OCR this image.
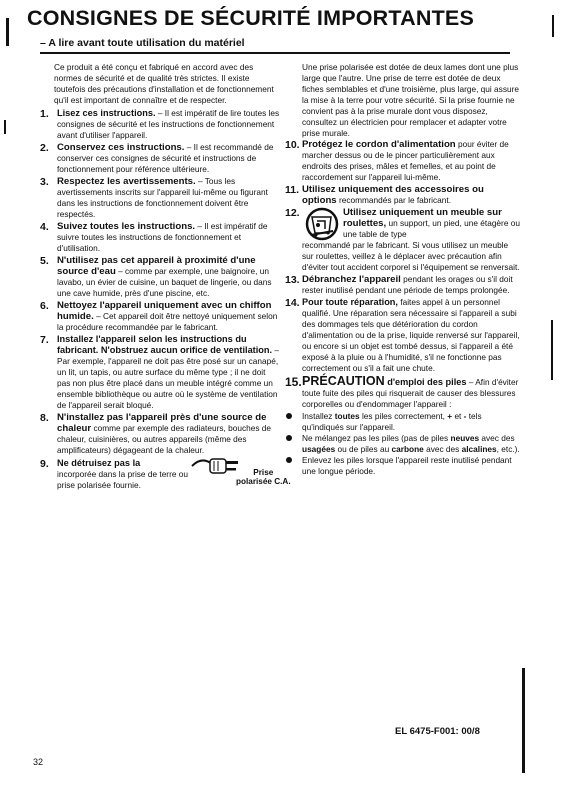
CONSIGNES DE SÉCURITÉ IMPORTANTES
– A lire avant toute utilisation du matériel

Ce produit a été conçu et fabriqué en accord avec des normes de sécurité et de qualité très strictes. Il existe toutefois des précautions d'installation et de fonctionnement qu'il est important de connaître et de respecter.

1. Lisez ces instructions. – Il est impératif de lire toutes les consignes de sécurité et les instructions de fonctionnement avant d'utiliser l'appareil.
2. Conservez ces instructions. – Il est recommandé de conserver ces consignes de sécurité et instructions de fonctionnement pour référence ultérieure.
3. Respectez les avertissements. – Tous les avertissements inscrits sur l'appareil lui-même ou figurant dans les instructions de fonctionnement doivent être respectés.
4. Suivez toutes les instructions. – Il est impératif de suivre toutes les instructions de fonctionnement et d'utilisation.
5. N'utilisez pas cet appareil à proximité d'une source d'eau – comme par exemple, une baignoire, un lavabo, un évier de cuisine, un baquet de lingerie, ou dans une cave humide, près d'une piscine, etc.
6. Nettoyez l'appareil uniquement avec un chiffon humide. – Cet appareil doit être nettoyé uniquement selon la procédure recommandée par le fabricant.
7. Installez l'appareil selon les instructions du fabricant. N'obstruez aucun orifice de ventilation. – Par exemple, l'appareil ne doit pas être posé sur un canapé, un lit, un tapis, ou autre surface du même type ; il ne doit pas non plus être placé dans un meuble intégré comme un ensemble bibliothèque ou autre où le système de ventilation de l'appareil serait bloqué.
8. N'installez pas l'appareil près d'une source de chaleur comme par exemple des radiateurs, bouches de chaleur, cuisinières, ou autres appareils (même des amplificateurs) dégageant de la chaleur.
9. Ne détruisez pas la
incorporée dans la prise de terre ou prise polarisée fournie.
Prise
polarisée C.A.

Une prise polarisée est dotée de deux lames dont une plus large que l'autre. Une prise de terre est dotée de deux fiches semblables et d'une troisième, plus large, qui assure la mise à la terre pour votre sécurité. Si la prise fournie ne convient pas à la prise murale dont vous disposez, consultez un électricien pour remplacer et adapter votre prise murale.

10. Protégez le cordon d'alimentation pour éviter de marcher dessus ou de le pincer particulièrement aux endroits des prises, mâles et femelles, et au point de raccordement sur l'appareil lui-même.
11. Utilisez uniquement des accessoires ou options recommandés par le fabricant.
12.	Utilisez uniquement un meuble sur roulettes, un support, un pied, une étagère ou une table de type
recommandé par le fabricant. Si vous utilisez un meuble sur roulettes, veillez à le déplacer avec précaution afin d'éviter tout accident corporel si l'équipement se renversait.
13. Débranchez l'appareil pendant les orages ou s'il doit rester inutilisé pendant une période de temps prolongée.
14. Pour toute réparation, faites appel à un personnel qualifié. Une réparation sera nécessaire si l'appareil a subi des dommages tels que détérioration du cordon d'alimentation ou de la prise, liquide renversé sur l'appareil, ou encore si un objet est tombé dessus, si l'appareil a été exposé à la pluie ou à l'humidité, s'il ne fonctionne pas correctement ou s'il a fait une chute.
15. PRÉCAUTION d'emploi des piles – Afin d'éviter toute fuite des piles qui risquerait de causer des blessures corporelles ou d'endommager l'appareil :
Installez toutes les piles correctement, + et - tels qu'indiqués sur l'appareil.
Ne mélangez pas les piles (pas de piles neuves avec des usagées ou de piles au carbone avec des alcalines, etc.).
Enlevez les piles lorsque l'appareil reste inutilisé pendant une longue période.
EL 6475-F001: 00/8
32
